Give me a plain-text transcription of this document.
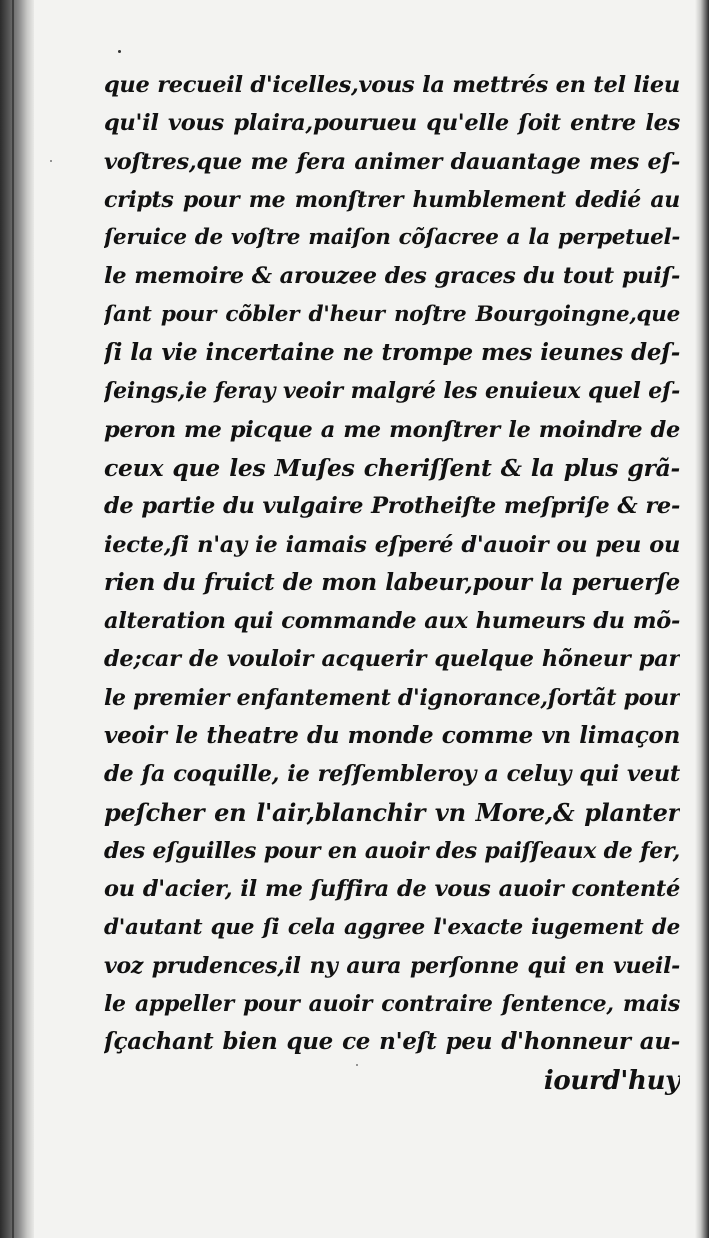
que recueil d'icelles,vous la mettrés en tel lieu
qu'il vous plaira,pourueu qu'elle ſoit entre les
voſtres,que me fera animer dauantage mes eſ-
cripts pour me monſtrer humblement dedié au
ſeruice de voſtre maiſon cõſacree a la perpetuel-
le memoire & arouzee des graces du tout puiſ-
ſant pour cõbler d'heur noſtre Bourgoingne,que
ſi la vie incertaine ne trompe mes ieunes deſ-
ſeings,ie feray veoir malgré les enuieux quel eſ-
peron me picque a me monſtrer le moindre de
ceux que les Muſes cheriſſent & la plus grã-
de partie du vulgaire Protheiſte meſpriſe & re-
iecte,ſi n'ay ie iamais eſperé d'auoir ou peu ou
rien du fruict de mon labeur,pour la peruerſe
alteration qui commande aux humeurs du mõ-
de;car de vouloir acquerir quelque hõneur par
le premier enfantement d'ignorance,ſortãt pour
veoir le theatre du monde comme vn limaçon
de ſa coquille, ie reſſembleroy a celuy qui veut
peſcher en l'air,blanchir vn More,& planter
des eſguilles pour en auoir des paiſſeaux de fer,
ou d'acier, il me ſuffira de vous auoir contenté
d'autant que ſi cela aggree l'exacte iugement de
voz prudences,il ny aura perſonne qui en vueil-
le appeller pour auoir contraire ſentence, mais
ſçachant bien que ce n'eſt peu d'honneur au-
iourd'huy
